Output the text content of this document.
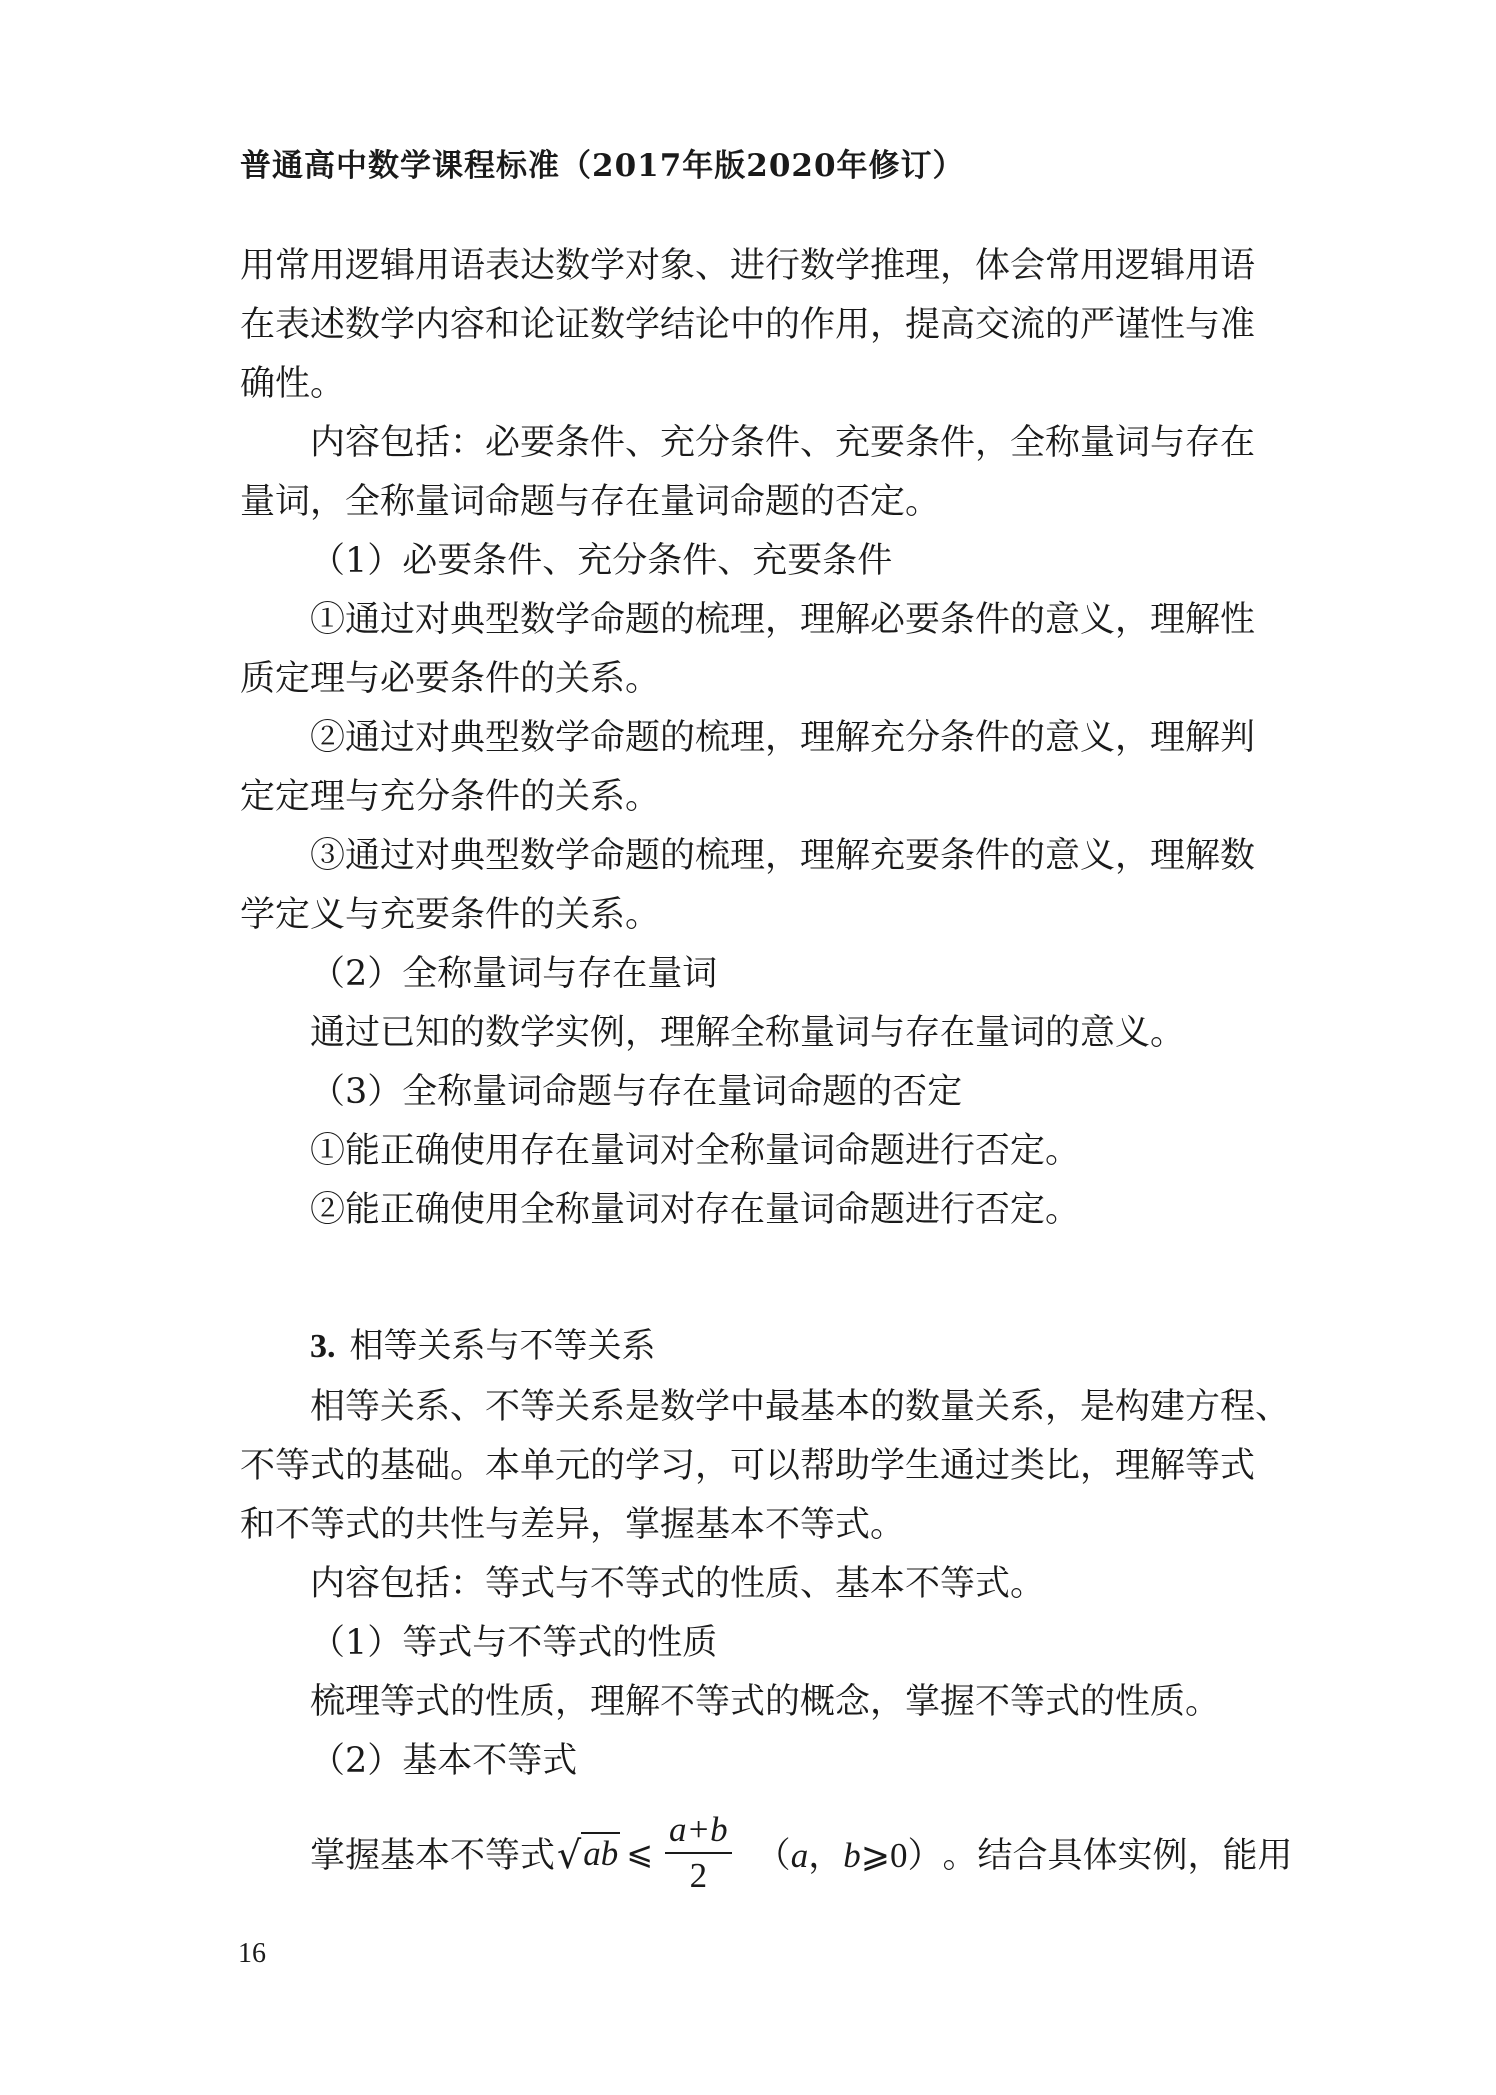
普通高中数学课程标准（2017年版2020年修订）
用常用逻辑用语表达数学对象、进行数学推理，体会常用逻辑用语
在表述数学内容和论证数学结论中的作用，提高交流的严谨性与准
确性。
内容包括：必要条件、充分条件、充要条件，全称量词与存在
量词，全称量词命题与存在量词命题的否定。
（1）必要条件、充分条件、充要条件
①通过对典型数学命题的梳理，理解必要条件的意义，理解性
质定理与必要条件的关系。
②通过对典型数学命题的梳理，理解充分条件的意义，理解判
定定理与充分条件的关系。
③通过对典型数学命题的梳理，理解充要条件的意义，理解数
学定义与充要条件的关系。
（2）全称量词与存在量词
通过已知的数学实例，理解全称量词与存在量词的意义。
（3）全称量词命题与存在量词命题的否定
①能正确使用存在量词对全称量词命题进行否定。
②能正确使用全称量词对存在量词命题进行否定。
3. 相等关系与不等关系
相等关系、不等关系是数学中最基本的数量关系，是构建方程、
不等式的基础。本单元的学习，可以帮助学生通过类比，理解等式
和不等式的共性与差异，掌握基本不等式。
内容包括：等式与不等式的性质、基本不等式。
（1）等式与不等式的性质
梳理等式的性质，理解不等式的概念，掌握不等式的性质。
（2）基本不等式
掌握基本不等式 √ ab ⩽ $\frac{a+b}{2} (a$，b⩾0） 。结合具体实例，能用
16
